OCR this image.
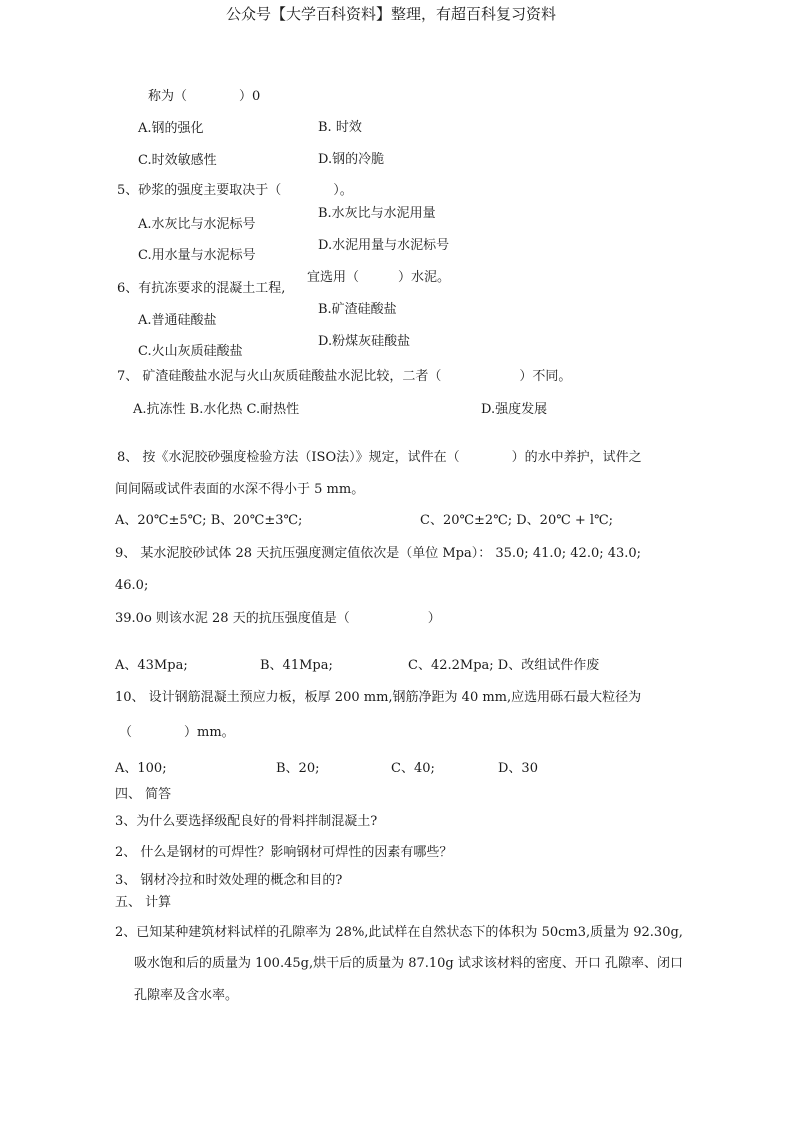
公众号【大学百科资料】整理，有超百科复习资料
称为（　　　　）0
A.钢的强化	B. 时效
C.时效敏感性	D.钢的冷脆
5、砂浆的强度主要取决于（　　　　）。
A.水灰比与水泥标号
B.水灰比与水泥用量
C.用水量与水泥标号
D.水泥用量与水泥标号
6、有抗冻要求的混凝土工程,
宜选用（　　　）水泥。
A.普通硅酸盐
B.矿渣硅酸盐
C.火山灰质硅酸盐
D.粉煤灰硅酸盐
7、 矿渣硅酸盐水泥与火山灰质硅酸盐水泥比较，二者（　　　　　　）不同。
A.抗冻性 B.水化热 C.耐热性	D.强度发展
8、 按《水泥胶砂强度检验方法（ISO法）》规定，试件在（　　　　）的水中养护，试件之
间间隔或试件表面的水深不得小于 5 mm。
A、20℃±5℃; B、20℃±3℃;	C、20℃±2℃; D、20℃ + l℃;
9、 某水泥胶砂试体 28 天抗压强度测定值依次是（单位 Mpa）： 35.0; 41.0; 42.0; 43.0;
46.0;
39.0o 则该水泥 28 天的抗压强度值是（　　　　　　）
A、43Mpa;	B、41Mpa;	C、42.2Mpa; D、改组试件作废
10、 设计钢筋混凝土预应力板，板厚 200 mm,钢筋净距为 40 mm,应选用砾石最大粒径为
（　　　　）mm。
A、100;	B、20;	C、40;	D、30
四、 简答
3、为什么要选择级配良好的骨料拌制混凝土?
2、 什么是钢材的可焊性？影响钢材可焊性的因素有哪些？
3、 钢材冷拉和时效处理的概念和目的?
五、 计算
2、已知某种建筑材料试样的孔隙率为 28%,此试样在自然状态下的体积为 50cm3,质量为 92.30g,
吸水饱和后的质量为 100.45g,烘干后的质量为 87.10g 试求该材料的密度、开口 孔隙率、闭口
孔隙率及含水率。
